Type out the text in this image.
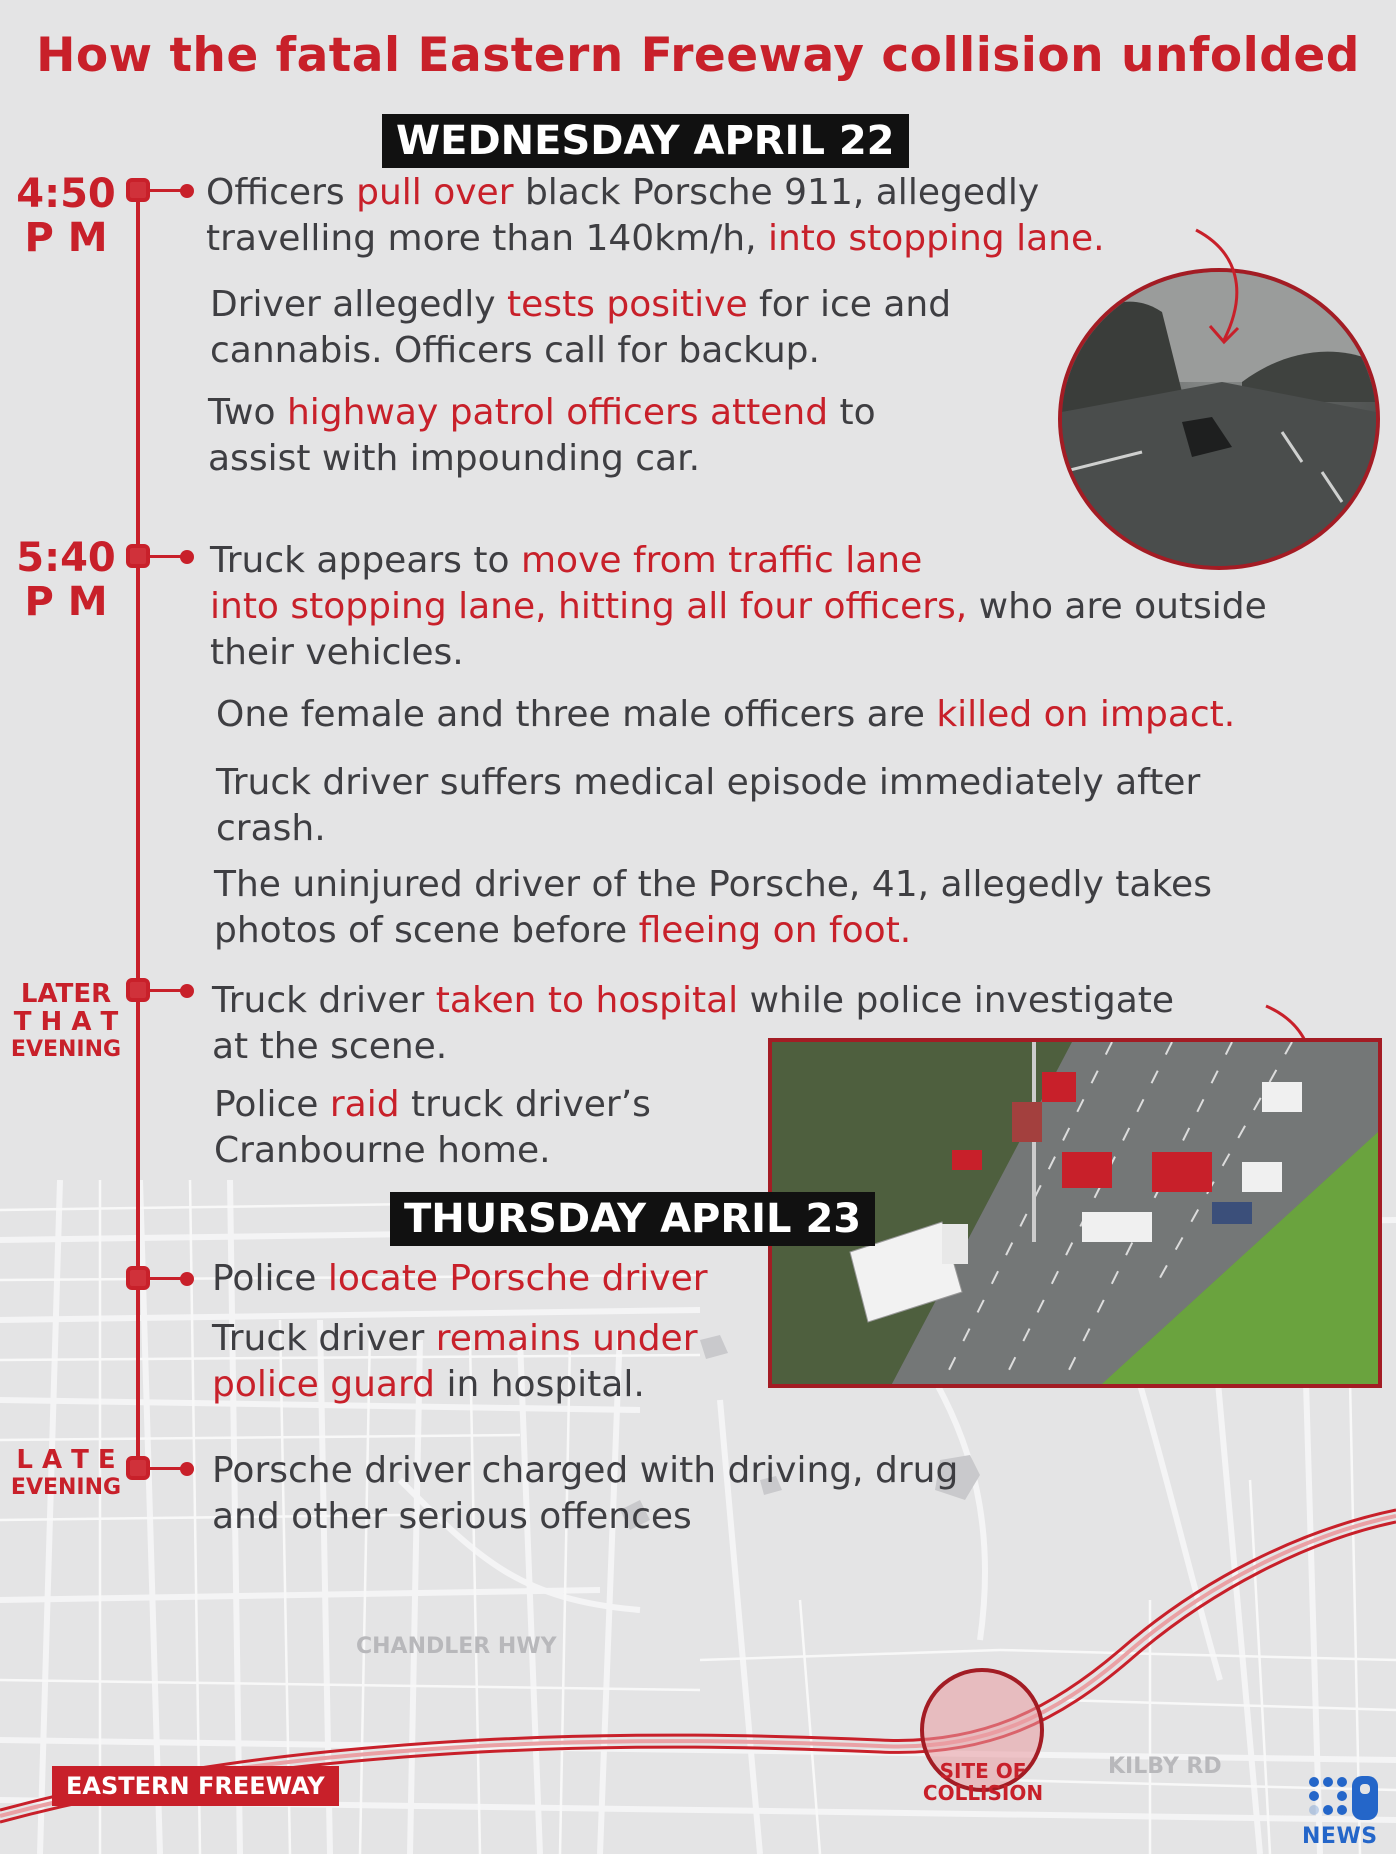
How the fatal Eastern Freeway collision unfolded
WEDNESDAY APRIL 22
4:50
P M
Officers pull over black Porsche 911, allegedly
travelling more than 140km/h, into stopping lane.
Driver allegedly tests positive for ice and
cannabis. Officers call for backup.
Two highway patrol officers attend to
assist with impounding car.
5:40
P M
Truck appears to move from traffic lane
into stopping lane, hitting all four officers, who are outside
their vehicles.
One female and three male officers are killed on impact.
Truck driver suffers medical episode immediately after
crash.
The uninjured driver of the Porsche, 41, allegedly takes
photos of scene before fleeing on foot.
LATER
T H A T
EVENING
Truck driver taken to hospital while police investigate
at the scene.
Police raid truck driver’s
Cranbourne home.
THURSDAY APRIL 23
Police locate Porsche driver
Truck driver remains under
police guard in hospital.
L A T E
EVENING	Porsche driver charged with driving, drug
and other serious offences
CHANDLER HWY
KILBY RD
EASTERN FREEWAY
SITE OF
COLLISION
NEWS
